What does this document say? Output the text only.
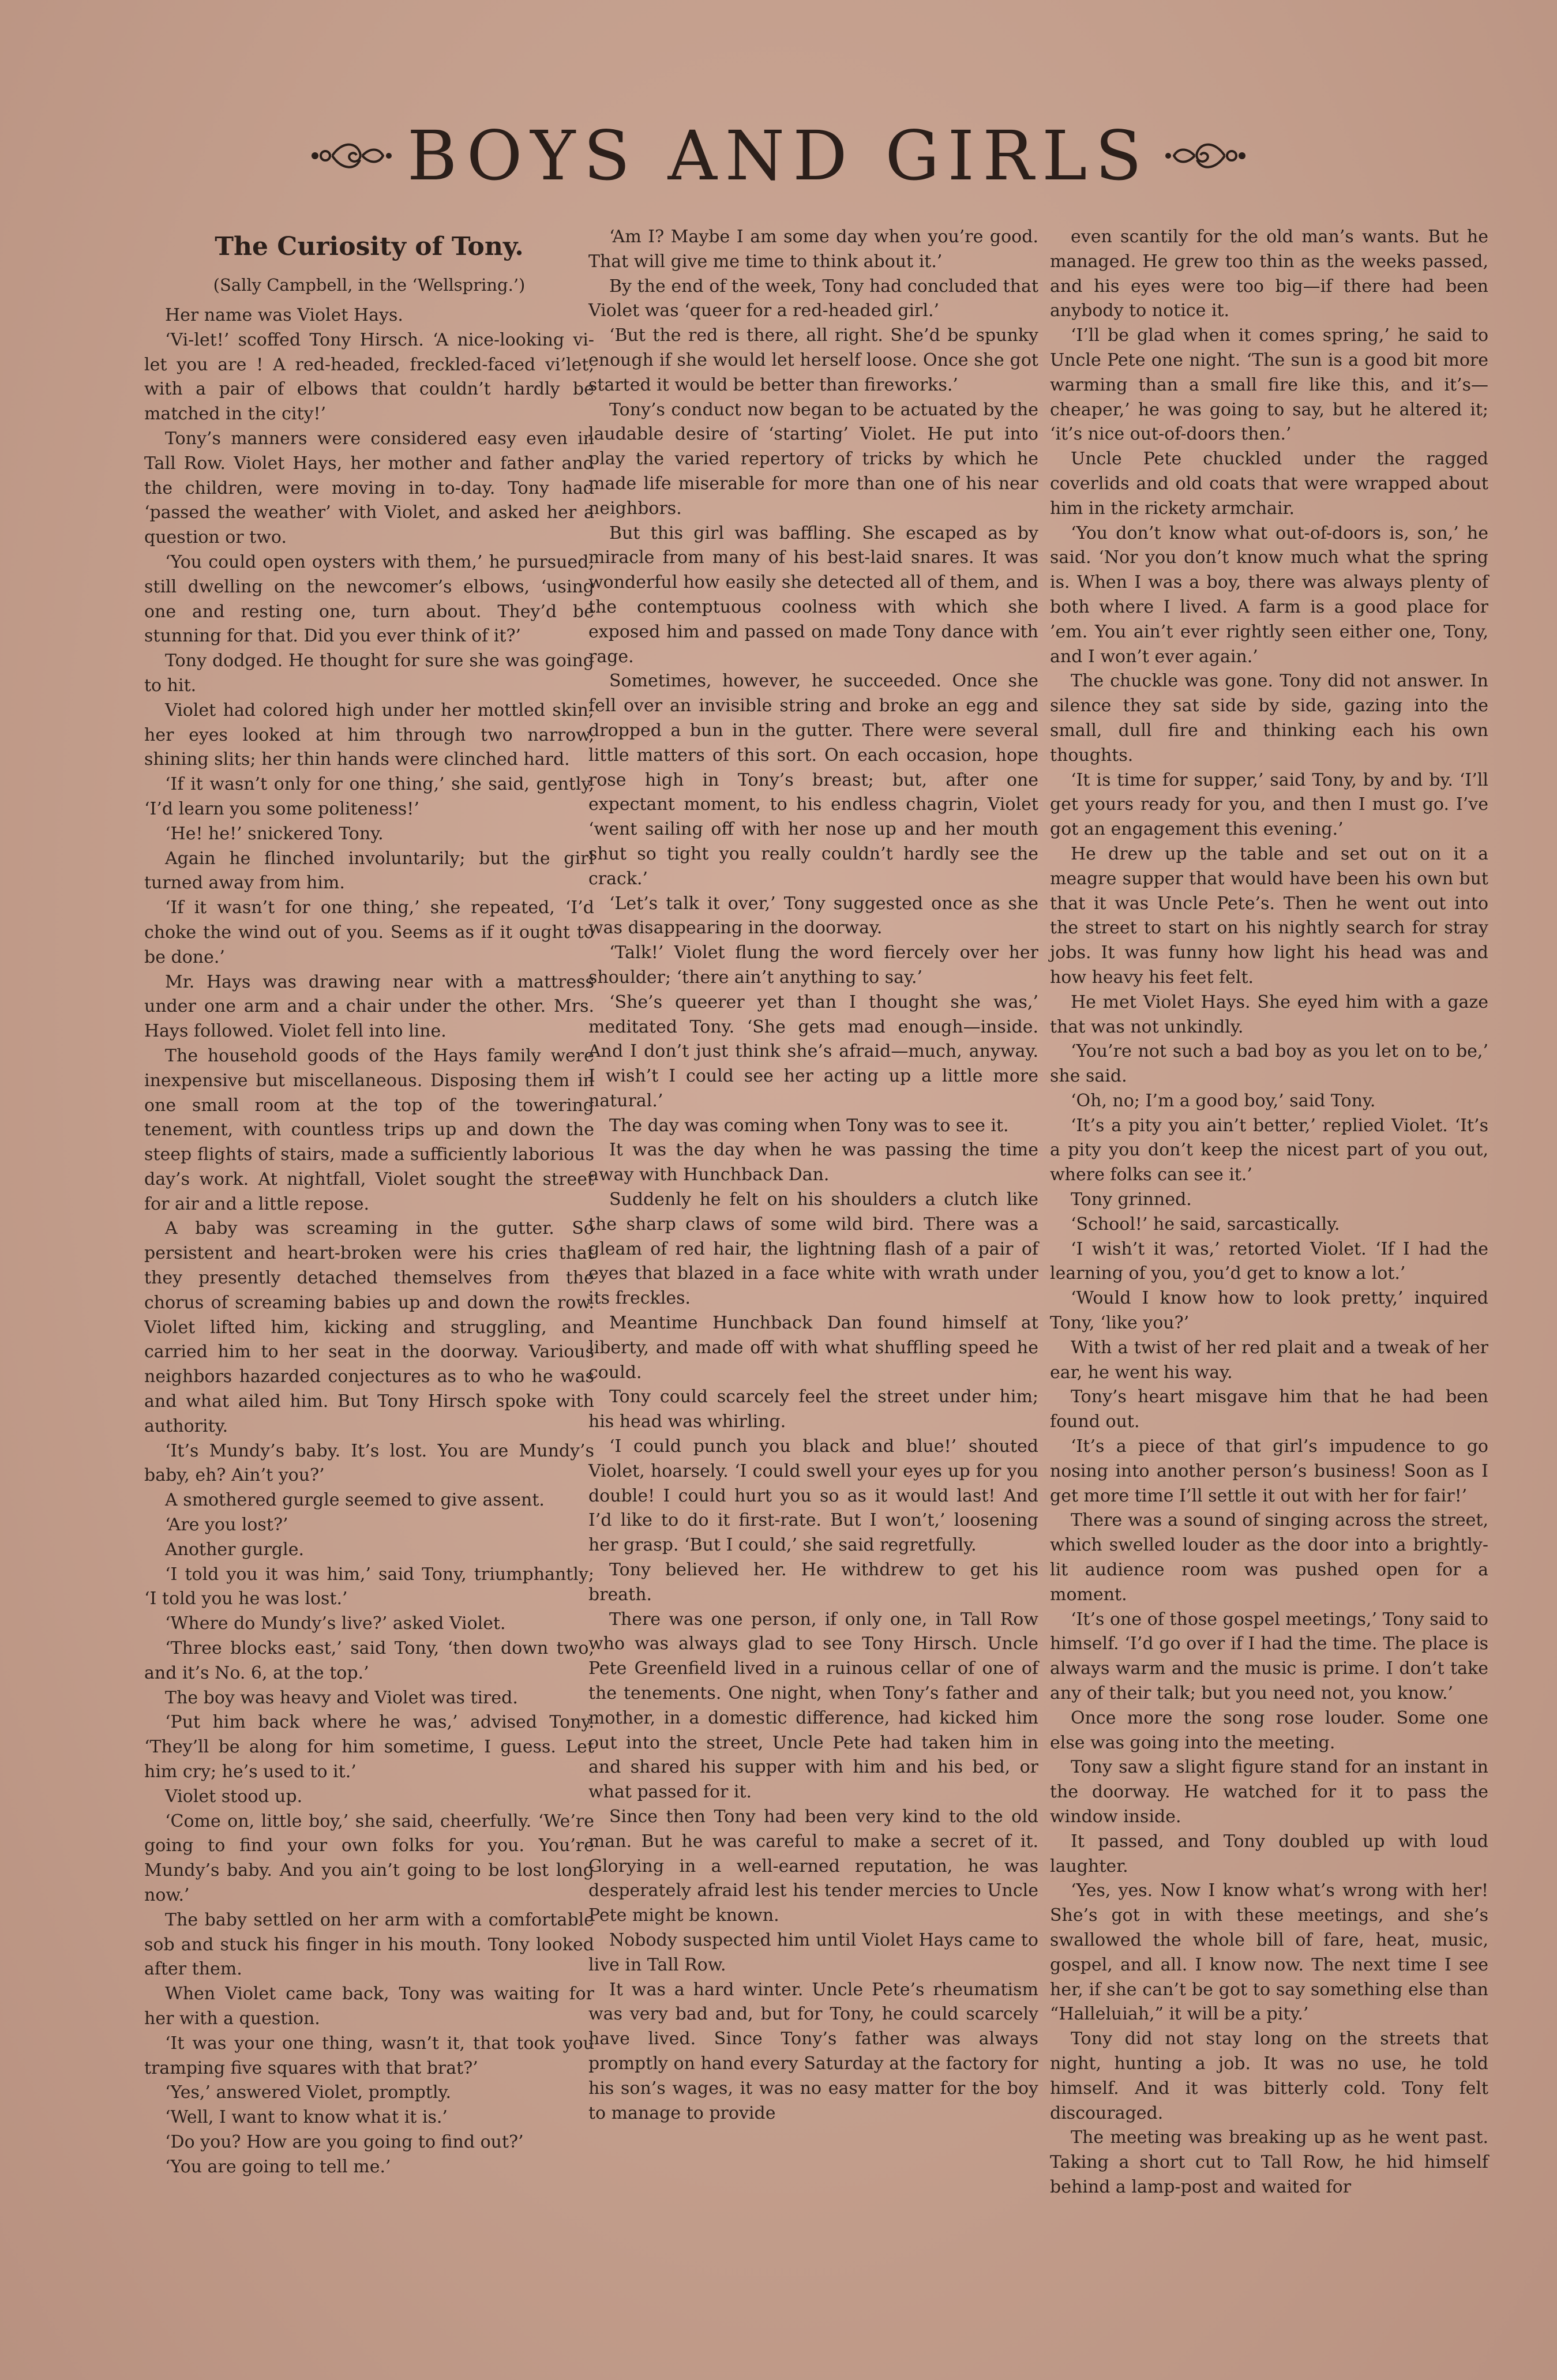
BOYS AND GIRLS
The Curiosity of Tony.
(Sally Campbell, in the ‘Wellspring.’)

Her name was Violet Hays.

‘Vi-let!’ scoffed Tony Hirsch. ‘A nice-looking vi-let you are ! A red-headed, freckled-faced vi’let, with a pair of elbows that couldn’t hardly be matched in the city!’

Tony’s manners were considered easy even in Tall Row. Violet Hays, her mother and father and the children, were moving in to-day. Tony had ‘passed the weather’ with Violet, and asked her a question or two.

‘You could open oysters with them,’ he pursued, still dwelling on the newcomer’s elbows, ‘using one and resting one, turn about. They’d be stunning for that. Did you ever think of it?’

Tony dodged. He thought for sure she was going to hit.

Violet had colored high under her mottled skin; her eyes looked at him through two narrow, shining slits; her thin hands were clinched hard.

‘If it wasn’t only for one thing,’ she said, gently, ‘I’d learn you some politeness!’

‘He! he!’ snickered Tony.

Again he flinched involuntarily; but the girl turned away from him.

‘If it wasn’t for one thing,’ she repeated, ‘I’d choke the wind out of you. Seems as if it ought to be done.’

Mr. Hays was drawing near with a mattress under one arm and a chair under the other. Mrs. Hays followed. Violet fell into line.

The household goods of the Hays family were inexpensive but miscellaneous. Disposing them in one small room at the top of the towering tenement, with countless trips up and down the steep flights of stairs, made a sufficiently laborious day’s work. At nightfall, Violet sought the street for air and a little repose.

A baby was screaming in the gutter. So persistent and heart-broken were his cries that they presently detached themselves from the chorus of screaming babies up and down the row. Violet lifted him, kicking and struggling, and carried him to her seat in the doorway. Various neighbors hazarded conjectures as to who he was and what ailed him. But Tony Hirsch spoke with authority.

‘It’s Mundy’s baby. It’s lost. You are Mundy’s baby, eh? Ain’t you?’

A smothered gurgle seemed to give assent.

‘Are you lost?’

Another gurgle.

‘I told you it was him,’ said Tony, triumphantly; ‘I told you he was lost.’

‘Where do Mundy’s live?’ asked Violet.

‘Three blocks east,’ said Tony, ‘then down two, and it’s No. 6, at the top.’

The boy was heavy and Violet was tired.

‘Put him back where he was,’ advised Tony. ‘They’ll be along for him sometime, I guess. Let him cry; he’s used to it.’

Violet stood up.

‘Come on, little boy,’ she said, cheerfully. ‘We’re going to find your own folks for you. You’re Mundy’s baby. And you ain’t going to be lost long now.’

The baby settled on her arm with a comfortable sob and stuck his finger in his mouth. Tony looked after them.

When Violet came back, Tony was waiting for her with a question.

‘It was your one thing, wasn’t it, that took you tramping five squares with that brat?’

‘Yes,’ answered Violet, promptly.

‘Well, I want to know what it is.’

‘Do you? How are you going to find out?’

‘You are going to tell me.’

‘Am I? Maybe I am some day when you’re good. That will give me time to think about it.’

By the end of the week, Tony had concluded that Violet was ‘queer for a red-headed girl.’

‘But the red is there, all right. She’d be spunky enough if she would let herself loose. Once she got started it would be better than fireworks.’

Tony’s conduct now began to be actuated by the laudable desire of ‘starting’ Violet. He put into play the varied repertory of tricks by which he made life miserable for more than one of his near neighbors.

But this girl was baffling. She escaped as by miracle from many of his best-laid snares. It was wonderful how easily she detected all of them, and the contemptuous coolness with which she exposed him and passed on made Tony dance with rage.

Sometimes, however, he succeeded. Once she fell over an invisible string and broke an egg and dropped a bun in the gutter. There were several little matters of this sort. On each occasion, hope rose high in Tony’s breast; but, after one expectant moment, to his endless chagrin, Violet ‘went sailing off with her nose up and her mouth shut so tight you really couldn’t hardly see the crack.’

‘Let’s talk it over,’ Tony suggested once as she was disappearing in the doorway.

‘Talk!’ Violet flung the word fiercely over her shoulder; ‘there ain’t anything to say.’

‘She’s queerer yet than I thought she was,’ meditated Tony. ‘She gets mad enough—inside. And I don’t just think she’s afraid—much, anyway. I wish’t I could see her acting up a little more natural.’

The day was coming when Tony was to see it.

It was the day when he was passing the time away with Hunchback Dan.

Suddenly he felt on his shoulders a clutch like the sharp claws of some wild bird. There was a gleam of red hair, the lightning flash of a pair of eyes that blazed in a face white with wrath under its freckles.

Meantime Hunchback Dan found himself at liberty, and made off with what shuffling speed he could.

Tony could scarcely feel the street under him; his head was whirling.

‘I could punch you black and blue!’ shouted Violet, hoarsely. ‘I could swell your eyes up for you double! I could hurt you so as it would last! And I’d like to do it first-rate. But I won’t,’ loosening her grasp. ‘But I could,’ she said regretfully.

Tony believed her. He withdrew to get his breath.

There was one person, if only one, in Tall Row who was always glad to see Tony Hirsch. Uncle Pete Greenfield lived in a ruinous cellar of one of the tenements. One night, when Tony’s father and mother, in a domestic difference, had kicked him out into the street, Uncle Pete had taken him in and shared his supper with him and his bed, or what passed for it.

Since then Tony had been very kind to the old man. But he was careful to make a secret of it. Glorying in a well-earned reputation, he was desperately afraid lest his tender mercies to Uncle Pete might be known.

Nobody suspected him until Violet Hays came to live in Tall Row.

It was a hard winter. Uncle Pete’s rheumatism was very bad and, but for Tony, he could scarcely have lived. Since Tony’s father was always promptly on hand every Saturday at the factory for his son’s wages, it was no easy matter for the boy to manage to provide

even scantily for the old man’s wants. But he managed. He grew too thin as the weeks passed, and his eyes were too big—if there had been anybody to notice it.

‘I’ll be glad when it comes spring,’ he said to Uncle Pete one night. ‘The sun is a good bit more warming than a small fire like this, and it’s—cheaper,’ he was going to say, but he altered it; ‘it’s nice out-of-doors then.’

Uncle Pete chuckled under the ragged coverlids and old coats that were wrapped about him in the rickety armchair.

‘You don’t know what out-of-doors is, son,’ he said. ‘Nor you don’t know much what the spring is. When I was a boy, there was always plenty of both where I lived. A farm is a good place for ’em. You ain’t ever rightly seen either one, Tony, and I won’t ever again.’

The chuckle was gone. Tony did not answer. In silence they sat side by side, gazing into the small, dull fire and thinking each his own thoughts.

‘It is time for supper,’ said Tony, by and by. ‘I’ll get yours ready for you, and then I must go. I’ve got an engagement this evening.’

He drew up the table and set out on it a meagre supper that would have been his own but that it was Uncle Pete’s. Then he went out into the street to start on his nightly search for stray jobs. It was funny how light his head was and how heavy his feet felt.

He met Violet Hays. She eyed him with a gaze that was not unkindly.

‘You’re not such a bad boy as you let on to be,’ she said.

‘Oh, no; I’m a good boy,’ said Tony.

‘It’s a pity you ain’t better,’ replied Violet. ‘It’s a pity you don’t keep the nicest part of you out, where folks can see it.’

Tony grinned.

‘School!’ he said, sarcastically.

‘I wish’t it was,’ retorted Violet. ‘If I had the learning of you, you’d get to know a lot.’

‘Would I know how to look pretty,’ inquired Tony, ‘like you?’

With a twist of her red plait and a tweak of her ear, he went his way.

Tony’s heart misgave him that he had been found out.

‘It’s a piece of that girl’s impudence to go nosing into another person’s business! Soon as I get more time I’ll settle it out with her for fair!’

There was a sound of singing across the street, which swelled louder as the door into a brightly-lit audience room was pushed open for a moment.

‘It’s one of those gospel meetings,’ Tony said to himself. ‘I’d go over if I had the time. The place is always warm and the music is prime. I don’t take any of their talk; but you need not, you know.’

Once more the song rose louder. Some one else was going into the meeting.

Tony saw a slight figure stand for an instant in the doorway. He watched for it to pass the window inside.

It passed, and Tony doubled up with loud laughter.

‘Yes, yes. Now I know what’s wrong with her! She’s got in with these meetings, and she’s swallowed the whole bill of fare, heat, music, gospel, and all. I know now. The next time I see her, if she can’t be got to say something else than “Halleluiah,” it will be a pity.’

Tony did not stay long on the streets that night, hunting a job. It was no use, he told himself. And it was bitterly cold. Tony felt discouraged.

The meeting was breaking up as he went past. Taking a short cut to Tall Row, he hid himself behind a lamp-post and waited for
